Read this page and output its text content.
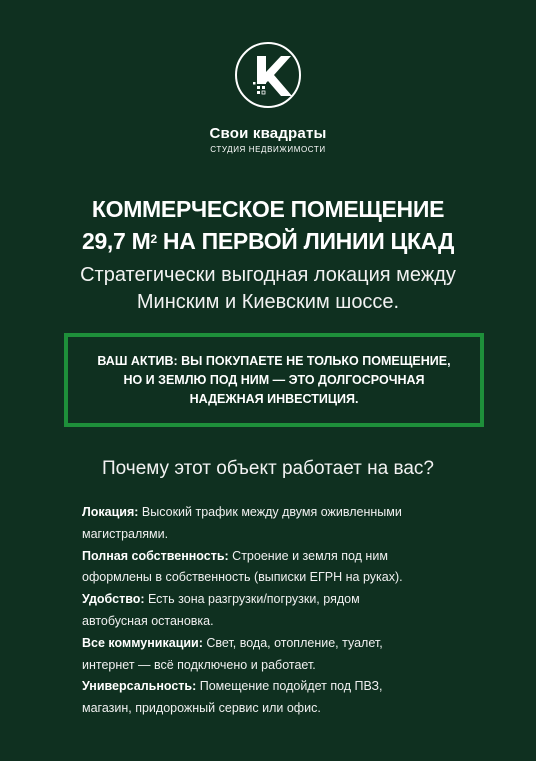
Свои квадраты
СТУДИЯ НЕДВИЖИМОСТИ
КОММЕРЧЕСКОЕ ПОМЕЩЕНИЕ
29,7 $М^2$ НА ПЕРВОЙ ЛИНИИ ЦКАД
Стратегически выгодная локация между
Минским и Киевским шоссе.
ВАШ АКТИВ: ВЫ ПОКУПАЕТЕ НЕ ТОЛЬКО ПОМЕЩЕНИЕ,
НО И ЗЕМЛЮ ПОД НИМ — ЭТО ДОЛГОСРОЧНАЯ
НАДЕЖНАЯ ИНВЕСТИЦИЯ.
Почему этот объект работает на вас?
Локация: Высокий трафик между двумя оживленными
магистралями.
Полная собственность: Строение и земля под ним
оформлены в собственность (выписки ЕГРН на руках).
Удобство: Есть зона разгрузки/погрузки, рядом
автобусная остановка.
Все коммуникации: Свет, вода, отопление, туалет,
интернет — всё подключено и работает.
Универсальность: Помещение подойдет под ПВЗ,
магазин, придорожный сервис или офис.
